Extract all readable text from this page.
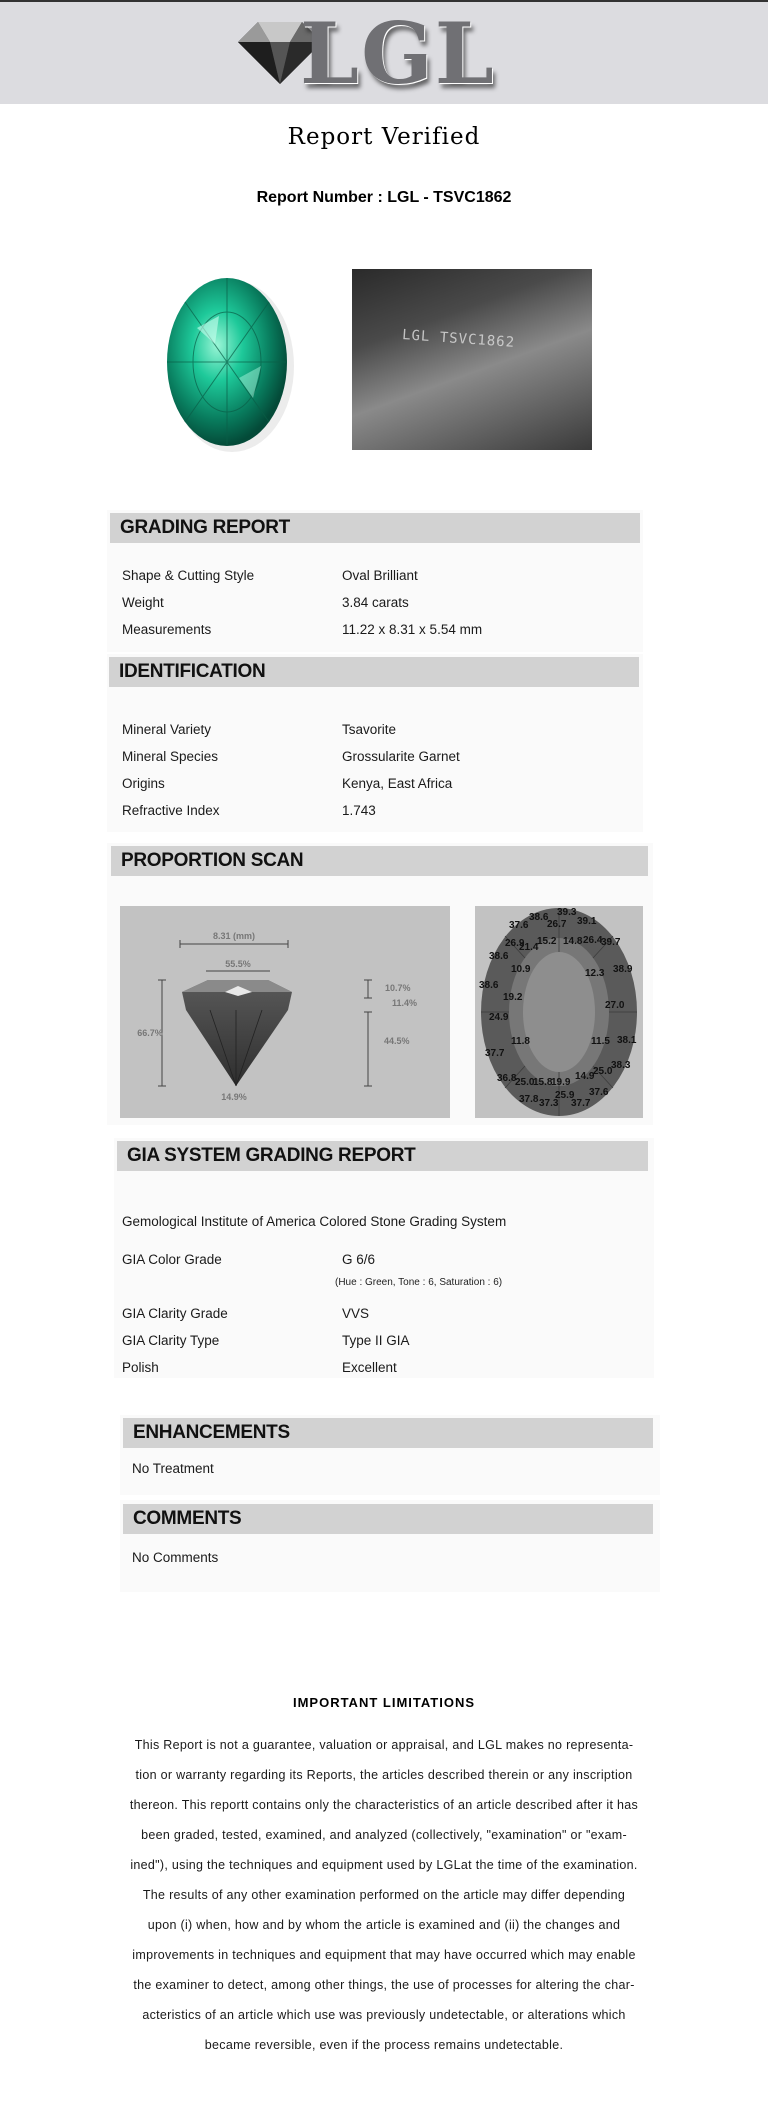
LGL
Report Verified
Report Number : LGL - TSVC1862
LGL TSVC1862
GRADING REPORT
Shape & Cutting Style	Oval Brilliant
Weight	3.84 carats
Measurements	11.22 x 8.31 x 5.54 mm
IDENTIFICATION
Mineral Variety	Tsavorite
Mineral Species	Grossularite Garnet
Origins	Kenya, East Africa
Refractive Index	1.743
PROPORTION SCAN
8.31 (mm)
55.5%
66.7%
10.7%
11.4%
44.5%
14.9%
38.6 39.3
37.6 26.7 39.1
26.9
21.4
15.2 14.8 26.4
39.7
38.6
10.9	12.3 38.9
38.6
19.2
27.0
24.9
11.8	11.5 38.1
37.7
38.3
36.8
25.0
15.8
19.9
14.9
25.0
37.8 37.3
25.9
37.7
37.6
GIA SYSTEM GRADING REPORT
Gemological Institute of America Colored Stone Grading System
GIA Color Grade	G 6/6
(Hue : Green, Tone : 6, Saturation : 6)
GIA Clarity Grade	VVS
GIA Clarity Type	Type II GIA
Polish	Excellent
ENHANCEMENTS
No Treatment
COMMENTS
No Comments
IMPORTANT LIMITATIONS
This Report is not a guarantee, valuation or appraisal, and LGL makes no representa-
tion or warranty regarding its Reports, the articles described therein or any inscription
thereon. This reportt contains only the characteristics of an article described after it has
been graded, tested, examined, and analyzed (collectively, "examination" or "exam-
ined"), using the techniques and equipment used by LGLat the time of the examination.
The results of any other examination performed on the article may differ depending
upon (i) when, how and by whom the article is examined and (ii) the changes and
improvements in techniques and equipment that may have occurred which may enable
the examiner to detect, among other things, the use of processes for altering the char-
acteristics of an article which use was previously undetectable, or alterations which
became reversible, even if the process remains undetectable.
